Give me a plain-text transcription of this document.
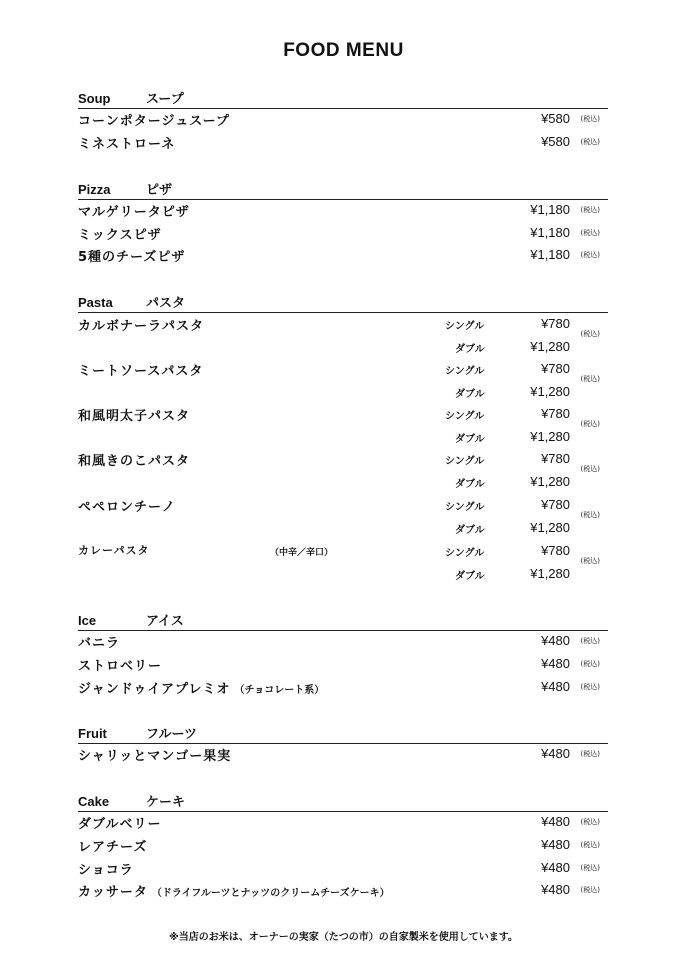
FOOD MENU
Soup	スープ
コーンポタージュスープ	¥580 (税込)
ミネストローネ	¥580 (税込)
Pizza	ピザ
マルゲリータピザ	¥1,180 (税込)
ミックスピザ	¥1,180 (税込)
5種のチーズピザ	¥1,180 (税込)
Pasta	パスタ
カルボナーラパスタ	シングル	¥780
ダブル	¥1,280
(税込)
ミートソースパスタ	シングル	¥780
ダブル	¥1,280
(税込)
和風明太子パスタ	シングル	¥780
ダブル	¥1,280
(税込)
和風きのこパスタ	シングル	¥780
ダブル	¥1,280
(税込)
ペペロンチーノ	シングル	¥780
ダブル	¥1,280
(税込)
カレーパスタ	（中辛／辛口）	シングル	¥780
ダブル	¥1,280
(税込)
Ice	アイス
バニラ	¥480 (税込)
ストロベリー	¥480 (税込)
ジャンドゥイアプレミオ （チョコレート系）	¥480 (税込)
Fruit	フルーツ
シャリッとマンゴー果実	¥480 (税込)
Cake	ケーキ
ダブルベリー	¥480 (税込)
レアチーズ	¥480 (税込)
ショコラ	¥480 (税込)
カッサータ （ドライフルーツとナッツのクリームチーズケーキ）	¥480 (税込)
※当店のお米は、オーナーの実家（たつの市）の自家製米を使用しています。
